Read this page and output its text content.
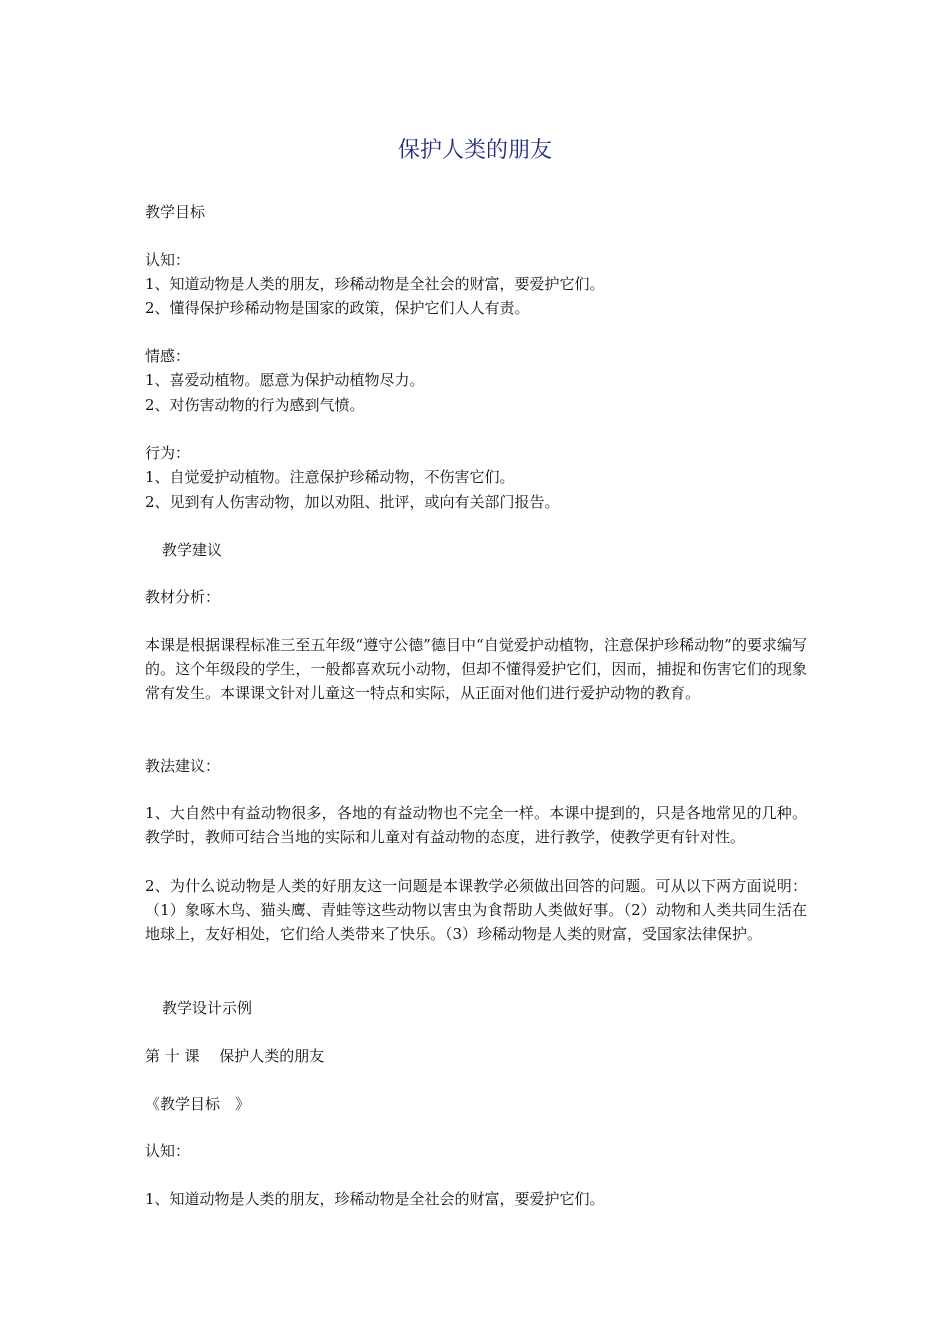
保护人类的朋友

教学目标

认知：

1、知道动物是人类的朋友，珍稀动物是全社会的财富，要爱护它们。

2、懂得保护珍稀动物是国家的政策，保护它们人人有责。

情感：

1、喜爱动植物。愿意为保护动植物尽力。

2、对伤害动物的行为感到气愤。

行为：

1、自觉爱护动植物。注意保护珍稀动物，不伤害它们。

2、见到有人伤害动物，加以劝阻、批评，或向有关部门报告。

教学建议

教材分析：

本课是根据课程标准三至五年级“遵守公德”德目中“自觉爱护动植物，注意保护珍稀动物”的要求编写的。这个年级段的学生，一般都喜欢玩小动物，但却不懂得爱护它们，因而，捕捉和伤害它们的现象常有发生。本课课文针对儿童这一特点和实际，从正面对他们进行爱护动物的教育。

教法建议：

1、大自然中有益动物很多，各地的有益动物也不完全一样。本课中提到的，只是各地常见的几种。教学时，教师可结合当地的实际和儿童对有益动物的态度，进行教学，使教学更有针对性。

2、为什么说动物是人类的好朋友这一问题是本课教学必须做出回答的问题。可从以下两方面说明：（1）象啄木鸟、猫头鹰、青蛙等这些动物以害虫为食帮助人类做好事。（2）动物和人类共同生活在地球上，友好相处，它们给人类带来了快乐。（3）珍稀动物是人类的财富，受国家法律保护。

教学设计示例

第 十 课　 保护人类的朋友

《教学目标　》

认知：

1、知道动物是人类的朋友，珍稀动物是全社会的财富，要爱护它们。
